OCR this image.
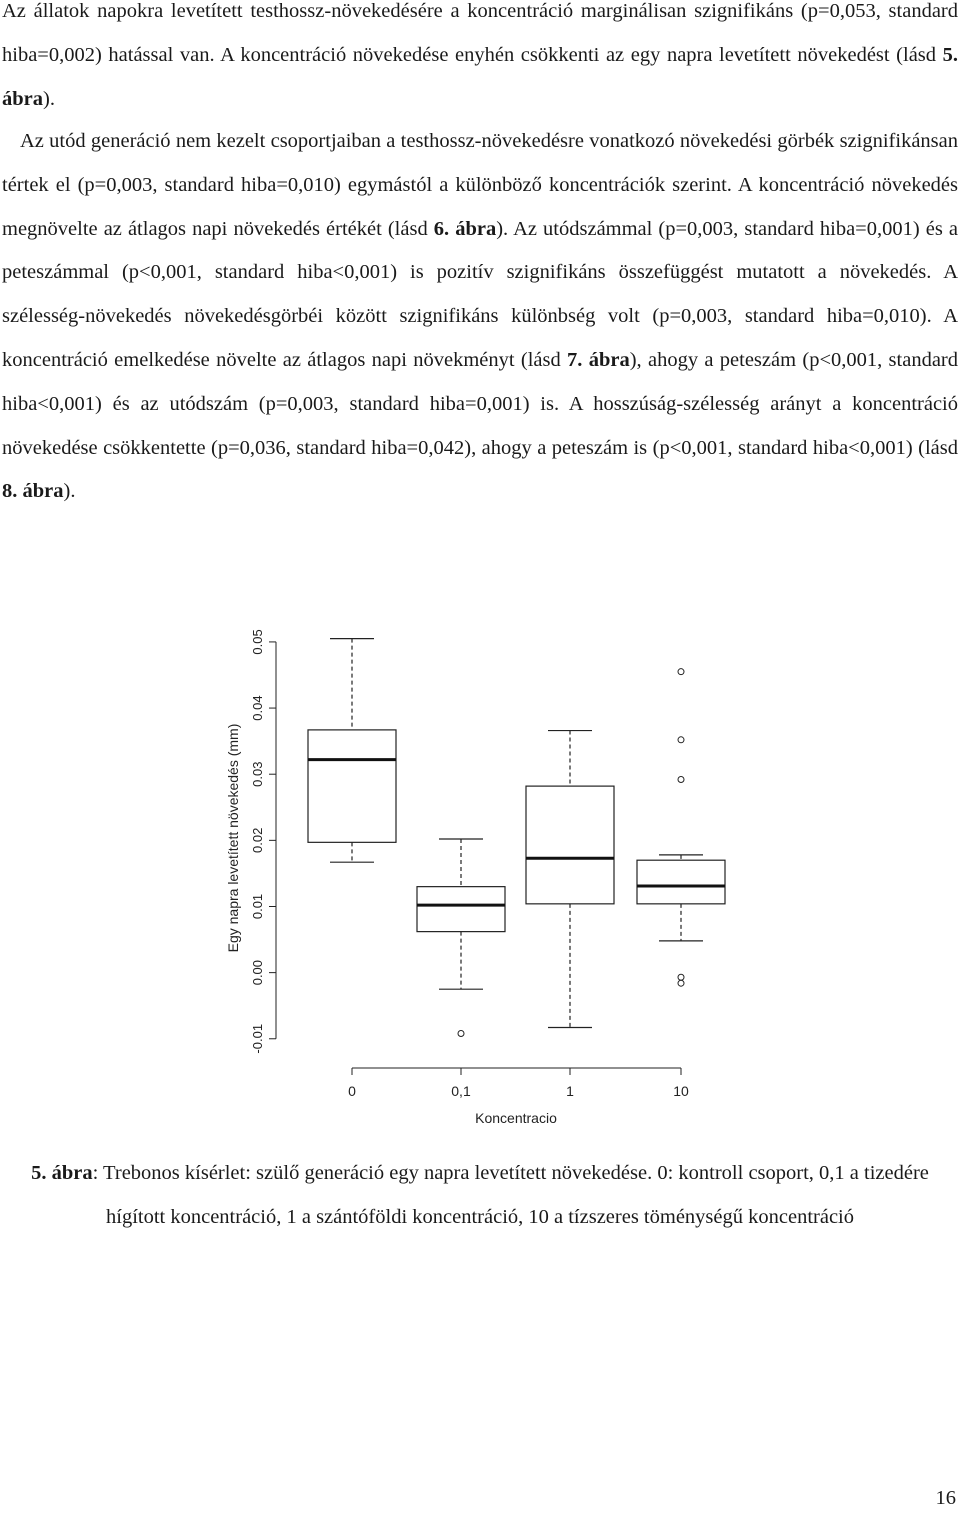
Az állatok napokra levetített testhossz-növekedésére a koncentráció marginálisan szignifikáns (p=0,053, standard hiba=0,002) hatással van. A koncentráció növekedése enyhén csökkenti az egy napra levetített növekedést (lásd 5. ábra).

Az utód generáció nem kezelt csoportjaiban a testhossz-növekedésre vonatkozó növekedési görbék szignifikánsan tértek el (p=0,003, standard hiba=0,010) egymástól a különböző koncentrációk szerint. A koncentráció növekedés megnövelte az átlagos napi növekedés értékét (lásd 6. ábra). Az utódszámmal (p=0,003, standard hiba=0,001) és a peteszámmal (p<0,001, standard hiba<0,001) is pozitív szignifikáns összefüggést mutatott a növekedés. A szélesség-növekedés növekedésgörbéi között szignifikáns különbség volt (p=0,003, standard hiba=0,010). A koncentráció emelkedése növelte az átlagos napi növekményt (lásd 7. ábra), ahogy a peteszám (p<0,001, standard hiba<0,001) és az utódszám (p=0,003, standard hiba=0,001) is. A hosszúság-szélesség arányt a koncentráció növekedése csökkentette (p=0,036, standard hiba=0,042), ahogy a peteszám is (p<0,001, standard hiba<0,001) (lásd 8. ábra).

-0.01
0.00
0.01
0.02
0.03
0.04
0.05
0	0,1	1	10
Koncentracio
Egy napra levetített növekedés (mm)

5. ábra: Trebonos kísérlet: szülő generáció egy napra levetített növekedése. 0: kontroll csoport, 0,1 a tizedére hígított koncentráció, 1 a szántóföldi koncentráció, 10 a tízszeres töménységű koncentráció

16
